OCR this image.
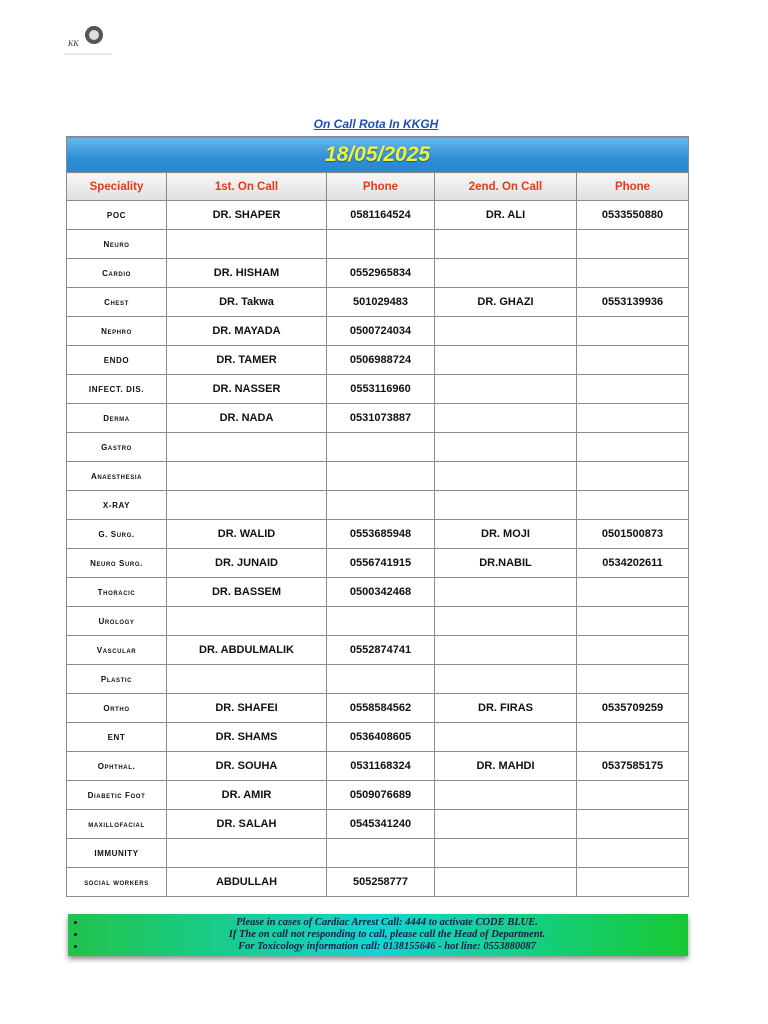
KK
On Call Rota In KKGH
18/05/2025				
Speciality	1st. On Call	Phone	2end. On Call	Phone
POC	DR. SHAPER	0581164524	DR. ALI	0533550880
Neuro				
Cardio	DR. HISHAM	0552965834		
Chest	DR. Takwa	501029483	DR. GHAZI	0553139936
Nephro	DR. MAYADA	0500724034		
ENDO	DR. TAMER	0506988724		
INFECT. DIS.	DR. NASSER	0553116960		
Derma	DR. NADA	0531073887		
Gastro				
Anaesthesia				
X-RAY				
G. Surg.	DR. WALID	0553685948	DR. MOJI	0501500873
Neuro Surg.	DR. JUNAID	0556741915	DR.NABIL	0534202611
Thoracic	DR. BASSEM	0500342468		
Urology				
Vascular	DR. ABDULMALIK	0552874741		
Plastic				
Ortho	DR. SHAFEI	0558584562	DR. FIRAS	0535709259
ENT	DR. SHAMS	0536408605		
Ophthal.	DR. SOUHA	0531168324	DR. MAHDI	0537585175
Diabetic Foot	DR. AMIR	0509076689		
maxillofacial	DR. SALAH	0545341240		
IMMUNITY				
social workers	ABDULLAH	505258777		
• Please in cases of Cardiac Arrest Call: 4444 to activate CODE BLUE.
• If The on call not responding to call, please call the Head of Department.
• For Toxicology information call: 0138155646 - hot line: 0553880087
